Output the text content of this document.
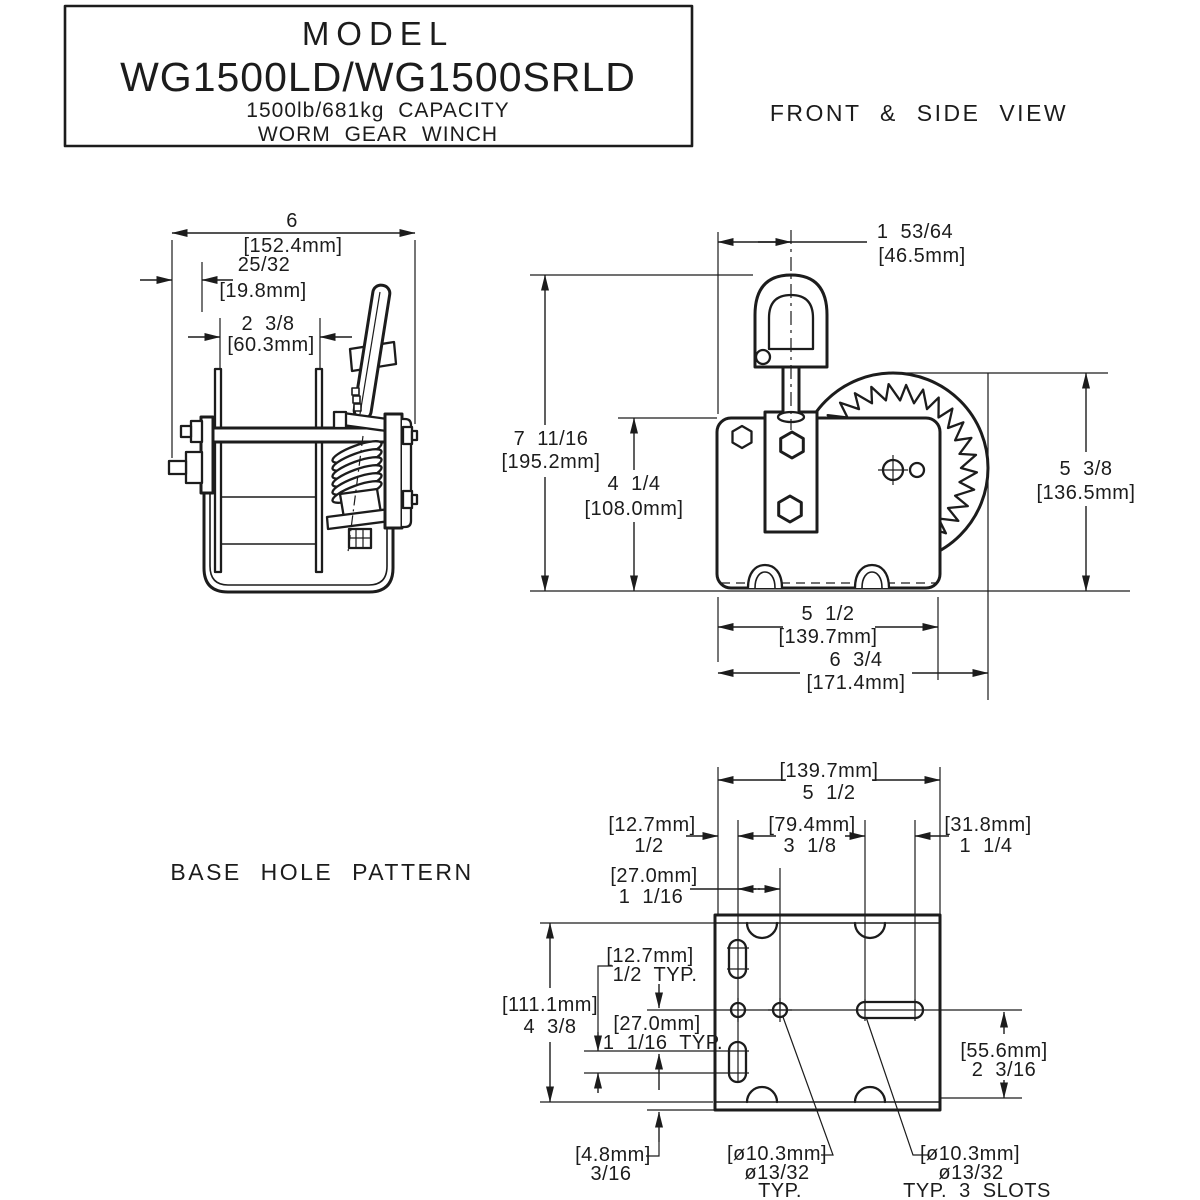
MODEL
WG1500LD/WG1500SRLD
1500lb/681kg CAPACITY
WORM GEAR WINCH
FRONT & SIDE VIEW
BASE HOLE PATTERN
6
[152.4mm]
25/32
[19.8mm]
2 3/8
[60.3mm]
1 53/64
[46.5mm]
7 11/16
[195.2mm]
4 1/4
[108.0mm]
5 3/8
[136.5mm]
5 1/2
[139.7mm]
6 3/4
[171.4mm]
[139.7mm]
5 1/2
[12.7mm]
1/2
[79.4mm]
3 1/8
[31.8mm]
1 1/4
[27.0mm]
1 1/16
[111.1mm]
4 3/8
[12.7mm]
1/2 TYP.
[27.0mm]
1 1/16 TYP.	[55.6mm]
2 3/16
[4.8mm]
3/16
[ø10.3mm]
ø13/32
TYP.
[ø10.3mm]
ø13/32
TYP. 3 SLOTS
